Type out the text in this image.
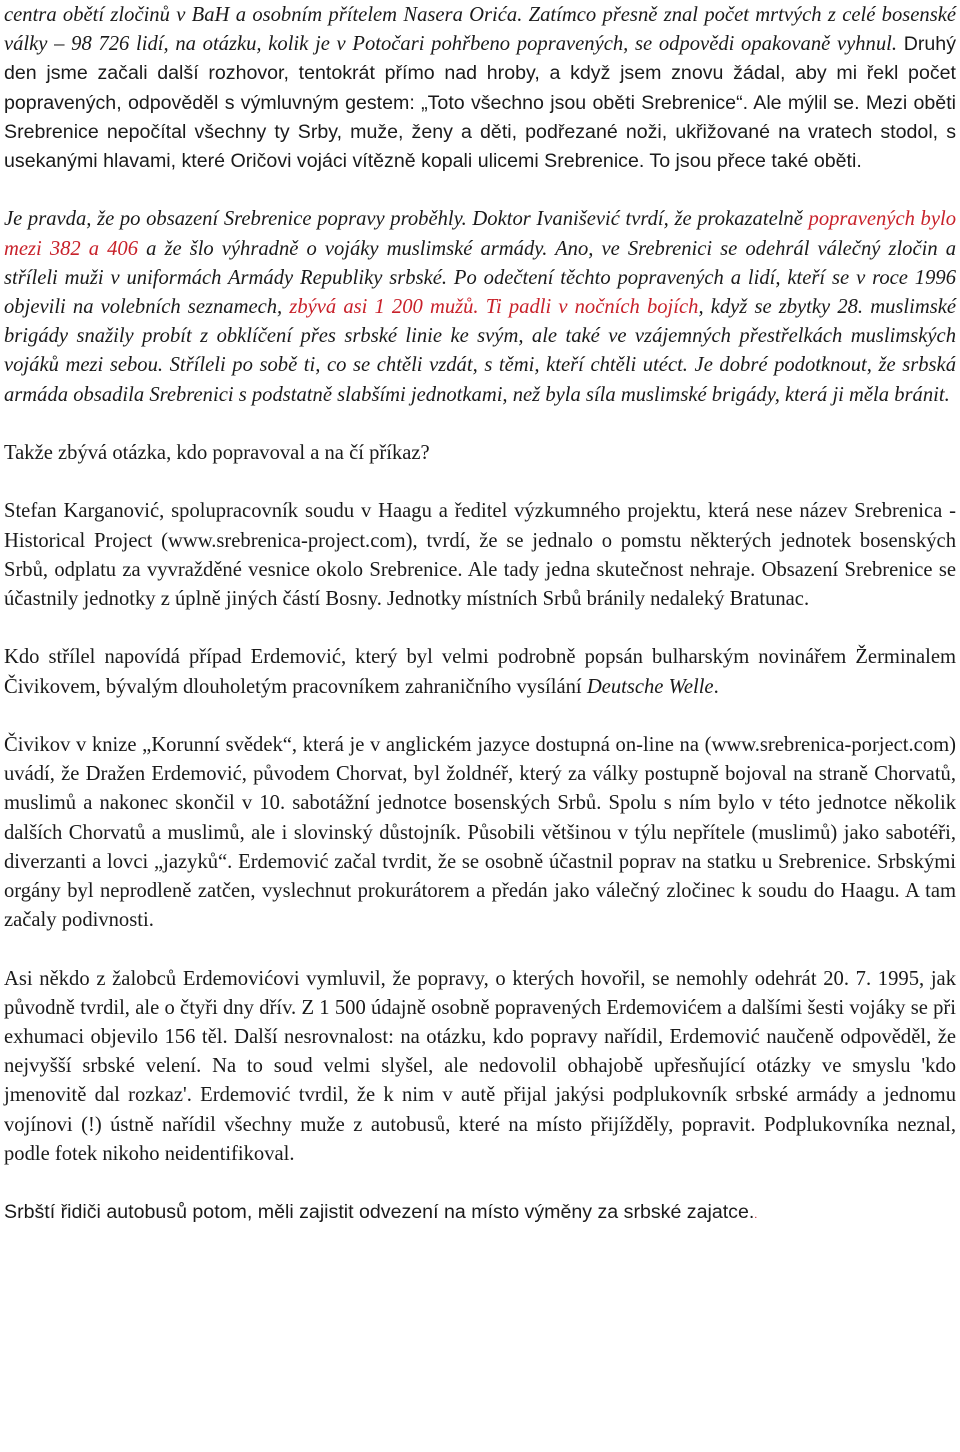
centra obětí zločinů v BaH a osobním přítelem Nasera Orića. Zatímco přesně znal počet mrtvých z celé bosenské války – 98 726 lidí, na otázku, kolik je v Potočari pohřbeno popravených, se odpovědi opakovaně vyhnul. Druhý den jsme začali další rozhovor, tentokrát přímo nad hroby, a když jsem znovu žádal, aby mi řekl počet popravených, odpověděl s výmluvným gestem: „Toto všechno jsou oběti Srebrenice“. Ale mýlil se. Mezi oběti Srebrenice nepočítal všechny ty Srby, muže, ženy a děti, podřezané noži, ukřižované na vratech stodol, s usekanými hlavami, které Oričovi vojáci vítězně kopali ulicemi Srebrenice. To jsou přece také oběti.

Je pravda, že po obsazení Srebrenice popravy proběhly. Doktor Ivanišević tvrdí, že prokazatelně popravených bylo mezi 382 a 406 a že šlo výhradně o vojáky muslimské armády. Ano, ve Srebrenici se odehrál válečný zločin a stříleli muži v uniformách Armády Republiky srbské. Po odečtení těchto popravených a lidí, kteří se v roce 1996 objevili na volebních seznamech, zbývá asi 1 200 mužů. Ti padli v nočních bojích, když se zbytky 28. muslimské brigády snažily probít z obklíčení přes srbské linie ke svým, ale také ve vzájemných přestřelkách muslimských vojáků mezi sebou. Stříleli po sobě ti, co se chtěli vzdát, s těmi, kteří chtěli utéct. Je dobré podotknout, že srbská armáda obsadila Srebrenici s podstatně slabšími jednotkami, než byla síla muslimské brigády, která ji měla bránit.

Takže zbývá otázka, kdo popravoval a na čí příkaz?

Stefan Karganović, spolupracovník soudu v Haagu a ředitel výzkumného projektu, která nese název Srebrenica - Historical Project (www.srebrenica-project.com), tvrdí, že se jednalo o pomstu některých jednotek bosenských Srbů, odplatu za vyvražděné vesnice okolo Srebrenice. Ale tady jedna skutečnost nehraje. Obsazení Srebrenice se účastnily jednotky z úplně jiných částí Bosny. Jednotky místních Srbů bránily nedaleký Bratunac.

Kdo střílel napovídá případ Erdemović, který byl velmi podrobně popsán bulharským novinářem Žerminalem Čivikovem, bývalým dlouholetým pracovníkem zahraničního vysílání Deutsche Welle.

Čivikov v knize „Korunní svědek“, která je v anglickém jazyce dostupná on-line na (www.srebrenica-porject.com) uvádí, že Dražen Erdemović, původem Chorvat, byl žoldnéř, který za války postupně bojoval na straně Chorvatů, muslimů a nakonec skončil v 10. sabotážní jednotce bosenských Srbů. Spolu s ním bylo v této jednotce několik dalších Chorvatů a muslimů, ale i slovinský důstojník. Působili většinou v týlu nepřítele (muslimů) jako sabotéři, diverzanti a lovci „jazyků“. Erdemović začal tvrdit, že se osobně účastnil poprav na statku u Srebrenice. Srbskými orgány byl neprodleně zatčen, vyslechnut prokurátorem a předán jako válečný zločinec k soudu do Haagu. A tam začaly podivnosti.

Asi někdo z žalobců Erdemovićovi vymluvil, že popravy, o kterých hovořil, se nemohly odehrát 20. 7. 1995, jak původně tvrdil, ale o čtyři dny dřív. Z 1 500 údajně osobně popravených Erdemovićem a dalšími šesti vojáky se při exhumaci objevilo 156 těl. Další nesrovnalost: na otázku, kdo popravy nařídil, Erdemović naučeně odpověděl, že nejvyšší srbské velení. Na to soud velmi slyšel, ale nedovolil obhajobě upřesňující otázky ve smyslu 'kdo jmenovitě dal rozkaz'. Erdemović tvrdil, že k nim v autě přijal jakýsi podplukovník srbské armády a jednomu vojínovi (!) ústně nařídil všechny muže z autobusů, které na místo přijížděly, popravit. Podplukovníka neznal, podle fotek nikoho neidentifikoval.

Srbští řidiči autobusů potom, měli zajistit odvezení na místo výměny za srbské zajatce..
